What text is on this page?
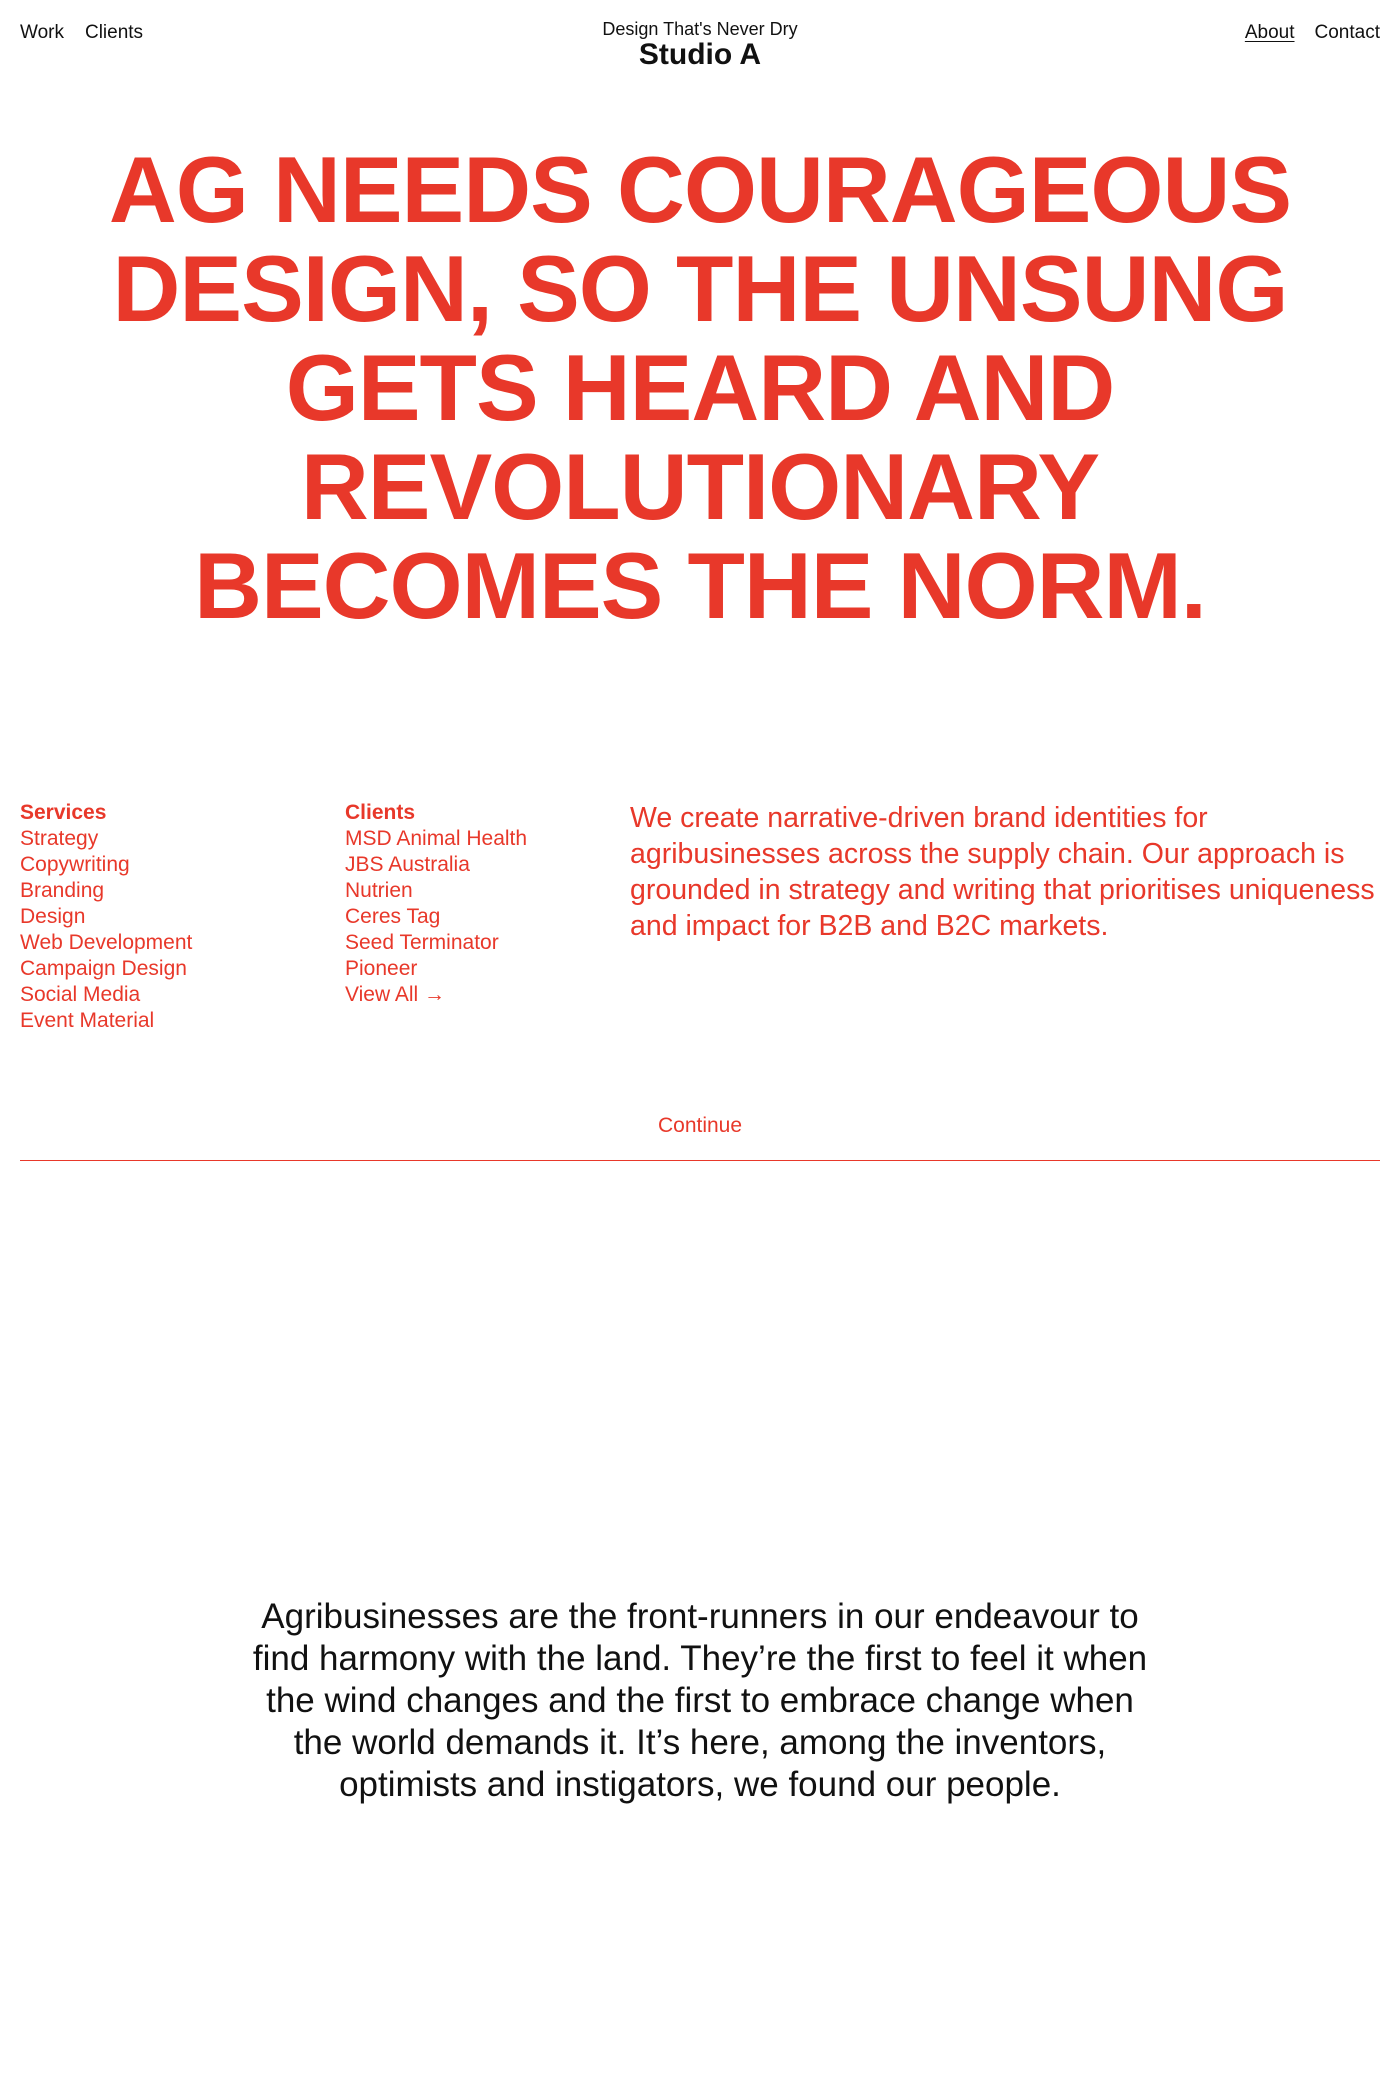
Work Clients	Design That's Never Dry
Studio A
About Contact
AG NEEDS COURAGEOUS
DESIGN, SO THE UNSUNG
GETS HEARD AND
REVOLUTIONARY
BECOMES THE NORM.
Services
Strategy
Copywriting
Branding
Design
Web Development
Campaign Design
Social Media
Event Material
Clients
MSD Animal Health
JBS Australia
Nutrien
Ceres Tag
Seed Terminator
Pioneer
View All →

We create narrative-driven brand identities for agribusinesses across the supply chain. Our approach is grounded in strategy and writing that prioritises uniqueness and impact for B2B and B2C markets.

Continue

Agribusinesses are the front-runners in our endeavour to
find harmony with the land. They’re the first to feel it when
the wind changes and the first to embrace change when
the world demands it. It’s here, among the inventors,
optimists and instigators, we found our people.
